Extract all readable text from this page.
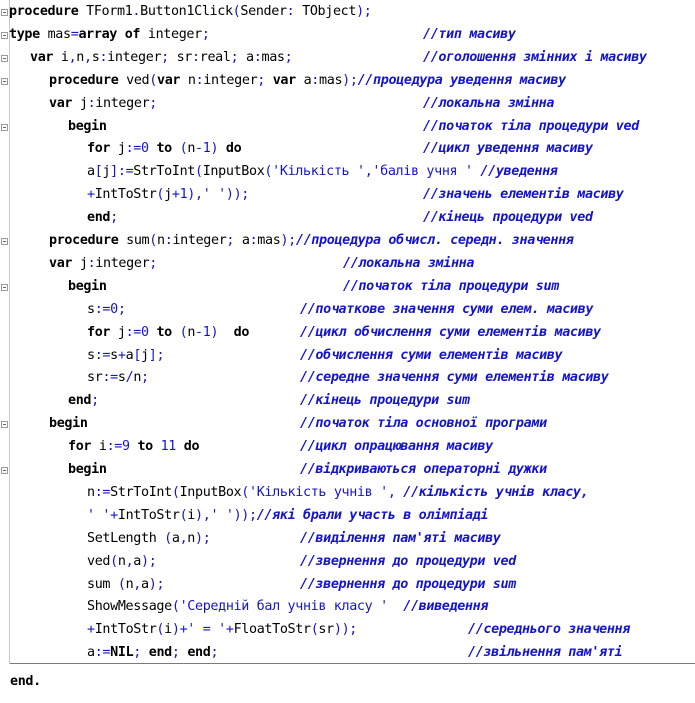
procedure TForm1.Button1Click(Sender: TObject);
type mas=array of integer;	//тип масиву
var i,n,s:integer; sr:real; a:mas;	//оголошення змінних і масиву
procedure ved(var n:integer; var a:mas);//процедура уведення масиву
var j:integer;	//локальна змінна
begin	//початок тіла процедури ved
for j:=0 to (n-1) do	//цикл уведення масиву
a[j]:=StrToInt(InputBox('Кількість ','балів учня ' //уведення
+IntToStr(j+1),' '));	//значень елементів масиву
end;	//кінець процедури ved
procedure sum(n:integer; a:mas);//процедура обчисл. середн. значення
var j:integer;	//локальна змінна
begin	//початок тіла процедури sum
s:=0;	//початкове значення суми елем. масиву
for j:=0 to (n-1)  do	//цикл обчислення суми елементів масиву
s:=s+a[j];	//обчислення суми елементів масиву
sr:=s/n;	//середне значення суми елементів масиву
end;	//кінець процедури sum
begin	//початок тіла основної програми
for i:=9 to 11 do	//цикл опрацювання масиву
begin	//відкриваються операторні дужки
n:=StrToInt(InputBox('Кількість учнів ', //кількість учнів класу,
' '+IntToStr(i),' '));//які брали участь в олімпіаді
SetLength (a,n);	//виділення пам'яті масиву
ved(n,a);	//звернення до процедури ved
sum (n,a);	//звернення до процедури sum
ShowMessage('Середній бал учнів класу ' //виведення
+IntToStr(i)+' = '+FloatToStr(sr));	//середнього значення
a:=NIL; end; end;	//звільнення пам'яті
end.
